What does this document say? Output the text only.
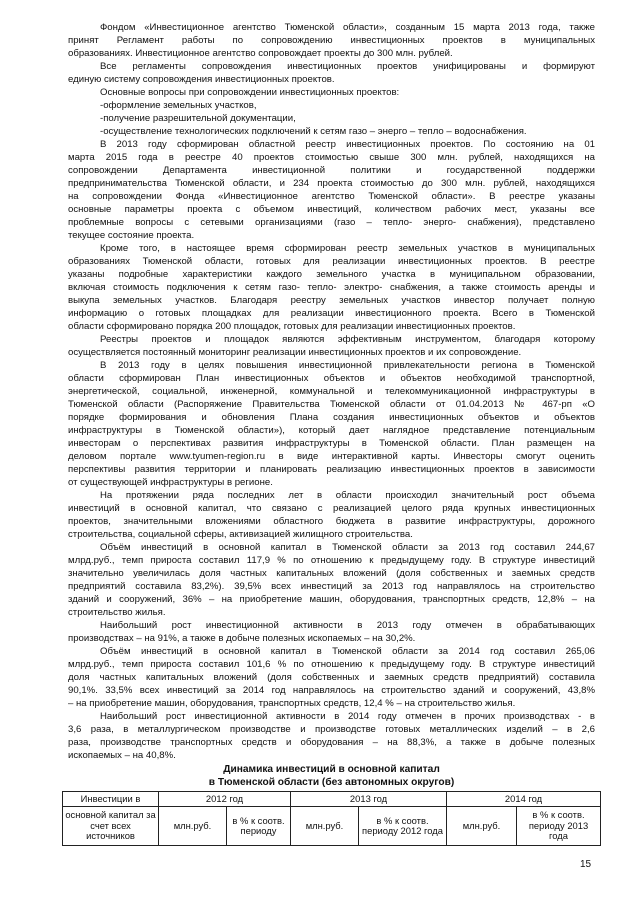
Фондом «Инвестиционное агентство Тюменской области», созданным 15 марта 2013 года, также
принят Регламент работы по сопровождению инвестиционных проектов в муниципальных
образованиях. Инвестиционное агентство сопровождает проекты до 300 млн. рублей.
Все регламенты сопровождения инвестиционных проектов унифицированы и формируют
единую систему сопровождения инвестиционных проектов.
Основные вопросы при сопровождении инвестиционных проектов:
-оформление земельных участков,
-получение разрешительной документации,
-осуществление технологических подключений к сетям газо – энерго – тепло – водоснабжения.
В 2013 году сформирован областной реестр инвестиционных проектов. По состоянию на 01
марта 2015 года в реестре 40 проектов стоимостью свыше 300 млн. рублей, находящихся на
сопровождении Департамента инвестиционной политики и государственной поддержки
предпринимательства Тюменской области, и 234 проекта стоимостью до 300 млн. рублей, находящихся
на сопровождении Фонда «Инвестиционное агентство Тюменской области». В реестре указаны
основные параметры проекта с объемом инвестиций, количеством рабочих мест, указаны все
проблемные вопросы с сетевыми организациями (газо – тепло- энерго- снабжения), представлено
текущее состояние проекта.
Кроме того, в настоящее время сформирован реестр земельных участков в муниципальных
образованиях Тюменской области, готовых для реализации инвестиционных проектов. В реестре
указаны подробные характеристики каждого земельного участка в муниципальном образовании,
включая стоимость подключения к сетям газо- тепло- электро- снабжения, а также стоимость аренды и
выкупа земельных участков. Благодаря реестру земельных участков инвестор получает полную
информацию о готовых площадках для реализации инвестиционного проекта. Всего в Тюменской
области сформировано порядка 200 площадок, готовых для реализации инвестиционных проектов.
Реестры проектов и площадок являются эффективным инструментом, благодаря которому
осуществляется постоянный мониторинг реализации инвестиционных проектов и их сопровождение.
В 2013 году в целях повышения инвестиционной привлекательности региона в Тюменской
области сформирован План инвестиционных объектов и объектов необходимой транспортной,
энергетической, социальной, инженерной, коммунальной и телекоммуникационной инфраструктуры в
Тюменской области (Распоряжение Правительства Тюменской области от 01.04.2013 № 467-рп «О
порядке формирования и обновления Плана создания инвестиционных объектов и объектов
инфраструктуры в Тюменской области»), который дает наглядное представление потенциальным
инвесторам о перспективах развития инфраструктуры в Тюменской области. План размещен на
деловом портале www.tyumen-region.ru в виде интерактивной карты. Инвесторы смогут оценить
перспективы развития территории и планировать реализацию инвестиционных проектов в зависимости
от существующей инфраструктуры в регионе.
На протяжении ряда последних лет в области происходил значительный рост объема
инвестиций в основной капитал, что связано с реализацией целого ряда крупных инвестиционных
проектов, значительными вложениями областного бюджета в развитие инфраструктуры, дорожного
строительства, социальной сферы, активизацией жилищного строительства.
Объём инвестиций в основной капитал в Тюменской области за 2013 год составил 244,67
млрд.руб., темп прироста составил 117,9 % по отношению к предыдущему году. В структуре инвестиций
значительно увеличилась доля частных капитальных вложений (доля собственных и заемных средств
предприятий составила 83,2%). 39,5% всех инвестиций за 2013 год направлялось на строительство
зданий и сооружений, 36% – на приобретение машин, оборудования, транспортных средств, 12,8% – на
строительство жилья.
Наибольший рост инвестиционной активности в 2013 году отмечен в обрабатывающих
производствах – на 91%, а также в добыче полезных ископаемых – на 30,2%.
Объём инвестиций в основной капитал в Тюменской области за 2014 год составил 265,06
млрд.руб., темп прироста составил 101,6 % по отношению к предыдущему году. В структуре инвестиций
доля частных капитальных вложений (доля собственных и заемных средств предприятий) составила
90,1%. 33,5% всех инвестиций за 2014 год направлялось на строительство зданий и сооружений, 43,8%
– на приобретение машин, оборудования, транспортных средств, 12,4 % – на строительство жилья.
Наибольший рост инвестиционной активности в 2014 году отмечен в прочих производствах - в
3,6 раза, в металлургическом производстве и производстве готовых металлических изделий – в 2,6
раза, производстве транспортных средств и оборудования – на 88,3%, а также в добыче полезных
ископаемых – на 40,8%.
Динамика инвестиций в основной капитал
в Тюменской области (без автономных округов)
Инвестиции в	2012 год		2013 год		2014 год	
основной капитал за счет всех источников	млн.руб.	в % к соотв. периоду	млн.руб.	в % к соотв. периоду 2012 года	млн.руб.	в % к соотв. периоду 2013 года
15
